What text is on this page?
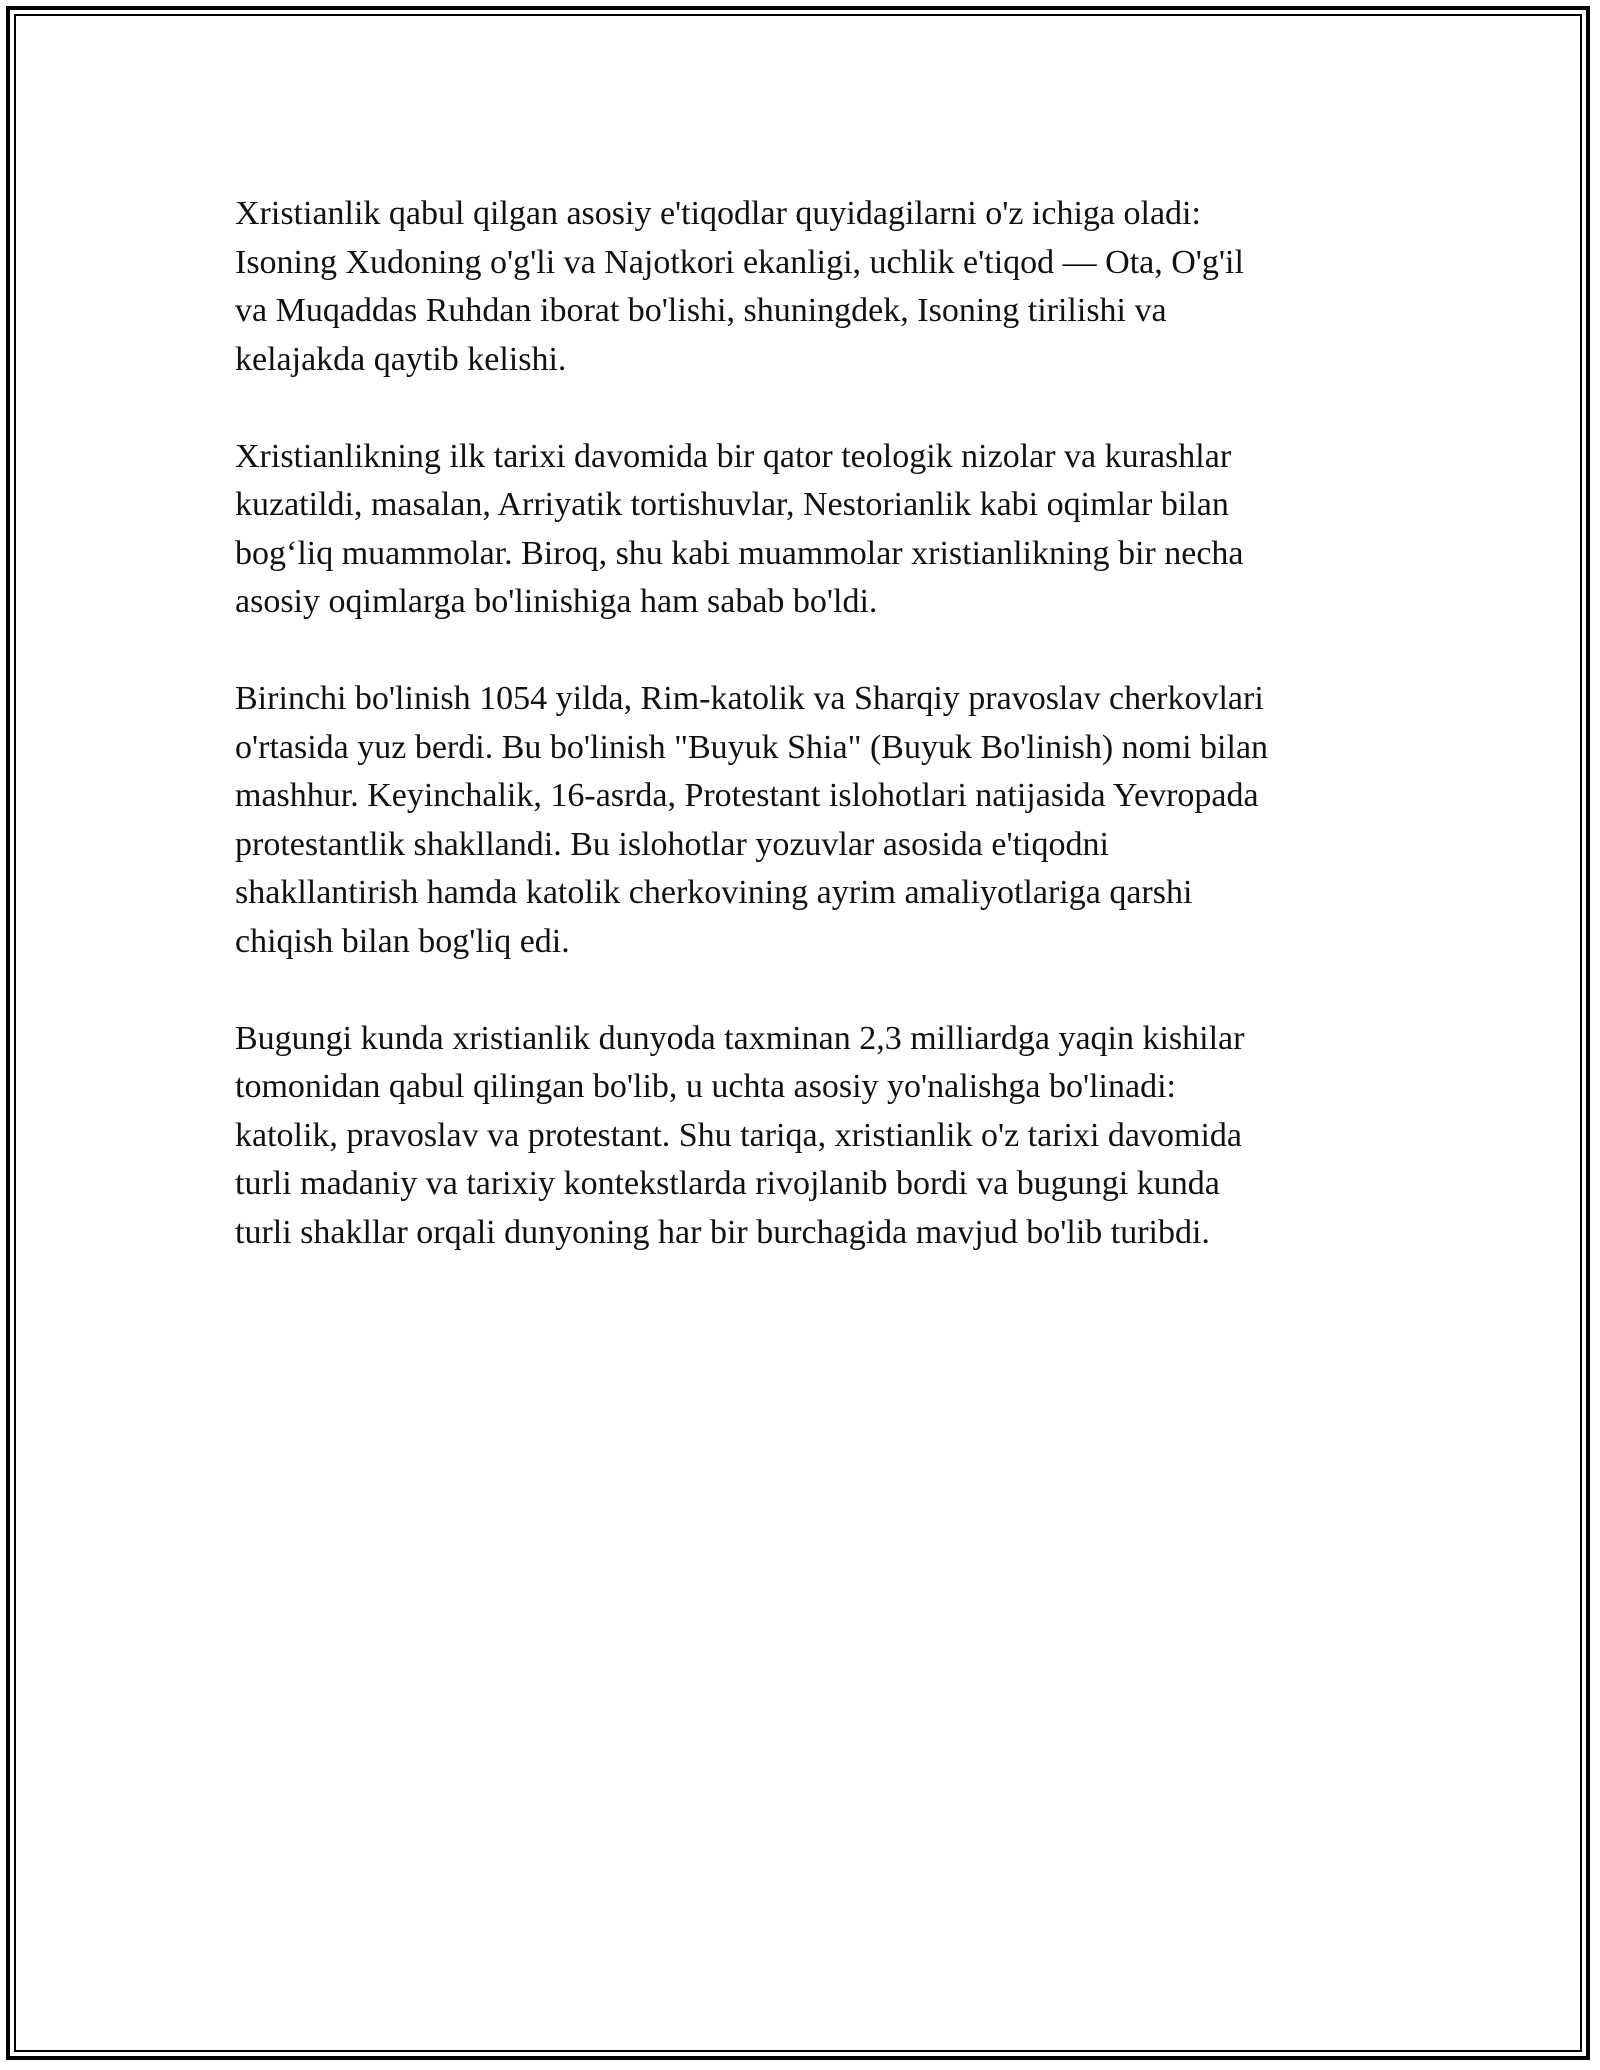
Xristianlik qabul qilgan asosiy e'tiqodlar quyidagilarni o'z ichiga oladi:
Isoning Xudoning o'g'li va Najotkori ekanligi, uchlik e'tiqod — Ota, O'g'il
va Muqaddas Ruhdan iborat bo'lishi, shuningdek, Isoning tirilishi va
kelajakda qaytib kelishi.

Xristianlikning ilk tarixi davomida bir qator teologik nizolar va kurashlar
kuzatildi, masalan, Arriyatik tortishuvlar, Nestorianlik kabi oqimlar bilan
bog‘liq muammolar. Biroq, shu kabi muammolar xristianlikning bir necha
asosiy oqimlarga bo'linishiga ham sabab bo'ldi.

Birinchi bo'linish 1054 yilda, Rim-katolik va Sharqiy pravoslav cherkovlari
o'rtasida yuz berdi. Bu bo'linish "Buyuk Shia" (Buyuk Bo'linish) nomi bilan
mashhur. Keyinchalik, 16-asrda, Protestant islohotlari natijasida Yevropada
protestantlik shakllandi. Bu islohotlar yozuvlar asosida e'tiqodni
shakllantirish hamda katolik cherkovining ayrim amaliyotlariga qarshi
chiqish bilan bog'liq edi.

Bugungi kunda xristianlik dunyoda taxminan 2,3 milliardga yaqin kishilar
tomonidan qabul qilingan bo'lib, u uchta asosiy yo'nalishga bo'linadi:
katolik, pravoslav va protestant. Shu tariqa, xristianlik o'z tarixi davomida
turli madaniy va tarixiy kontekstlarda rivojlanib bordi va bugungi kunda
turli shakllar orqali dunyoning har bir burchagida mavjud bo'lib turibdi.
